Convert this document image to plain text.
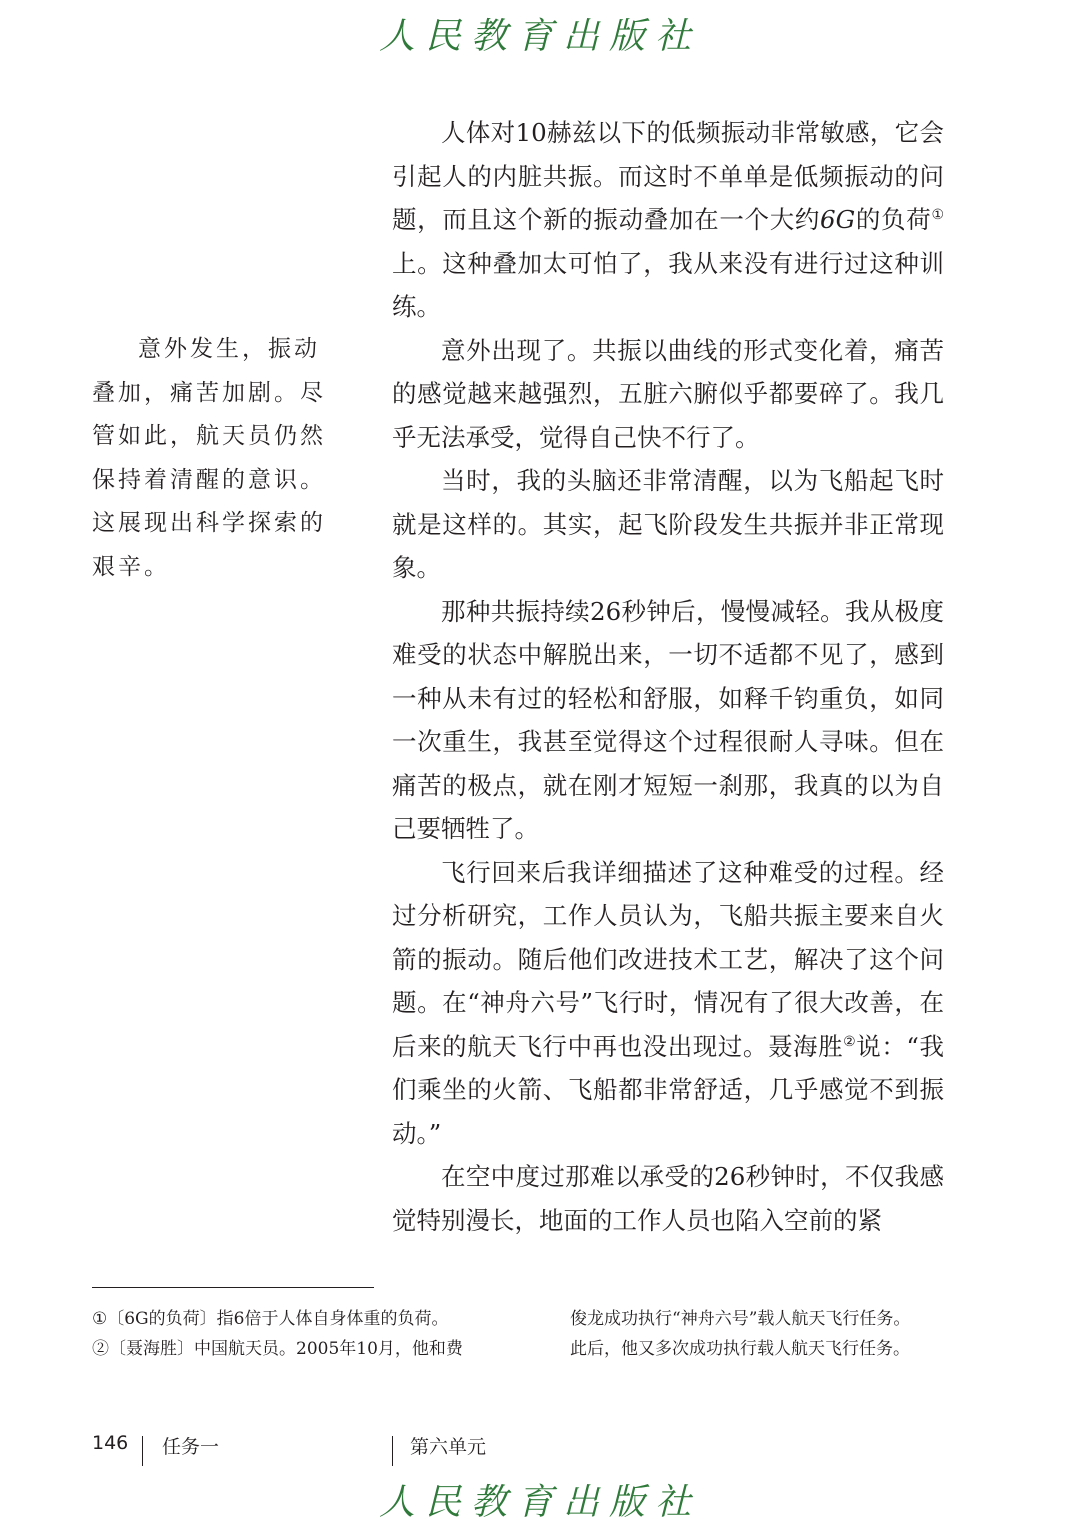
人民教育出版社

意外发生，振动叠加，痛苦加剧。尽管如此，航天员仍然保持着清醒的意识。这展现出科学探索的艰辛。

人体对10赫兹以下的低频振动非常敏感，它会引起人的内脏共振。而这时不单单是低频振动的问题，而且这个新的振动叠加在一个大约6G的负荷①上。这种叠加太可怕了，我从来没有进行过这种训练。

意外出现了。共振以曲线的形式变化着，痛苦的感觉越来越强烈，五脏六腑似乎都要碎了。我几乎无法承受，觉得自己快不行了。

当时，我的头脑还非常清醒，以为飞船起飞时就是这样的。其实，起飞阶段发生共振并非正常现象。

那种共振持续26秒钟后，慢慢减轻。我从极度难受的状态中解脱出来，一切不适都不见了，感到一种从未有过的轻松和舒服，如释千钧重负，如同一次重生，我甚至觉得这个过程很耐人寻味。但在痛苦的极点，就在刚才短短一刹那，我真的以为自己要牺牲了。

飞行回来后我详细描述了这种难受的过程。经过分析研究，工作人员认为，飞船共振主要来自火箭的振动。随后他们改进技术工艺，解决了这个问题。在“神舟六号”飞行时，情况有了很大改善，在后来的航天飞行中再也没出现过。聂海胜②说：“我们乘坐的火箭、飞船都非常舒适，几乎感觉不到振动。”

在空中度过那难以承受的26秒钟时，不仅我感觉特别漫长，地面的工作人员也陷入空前的紧

①〔6G的负荷〕指6倍于人体自身体重的负荷。
②〔聂海胜〕中国航天员。2005年10月，他和费
俊龙成功执行“神舟六号”载人航天飞行任务。
此后，他又多次成功执行载人航天飞行任务。
146 任务一	第六单元
人民教育出版社
